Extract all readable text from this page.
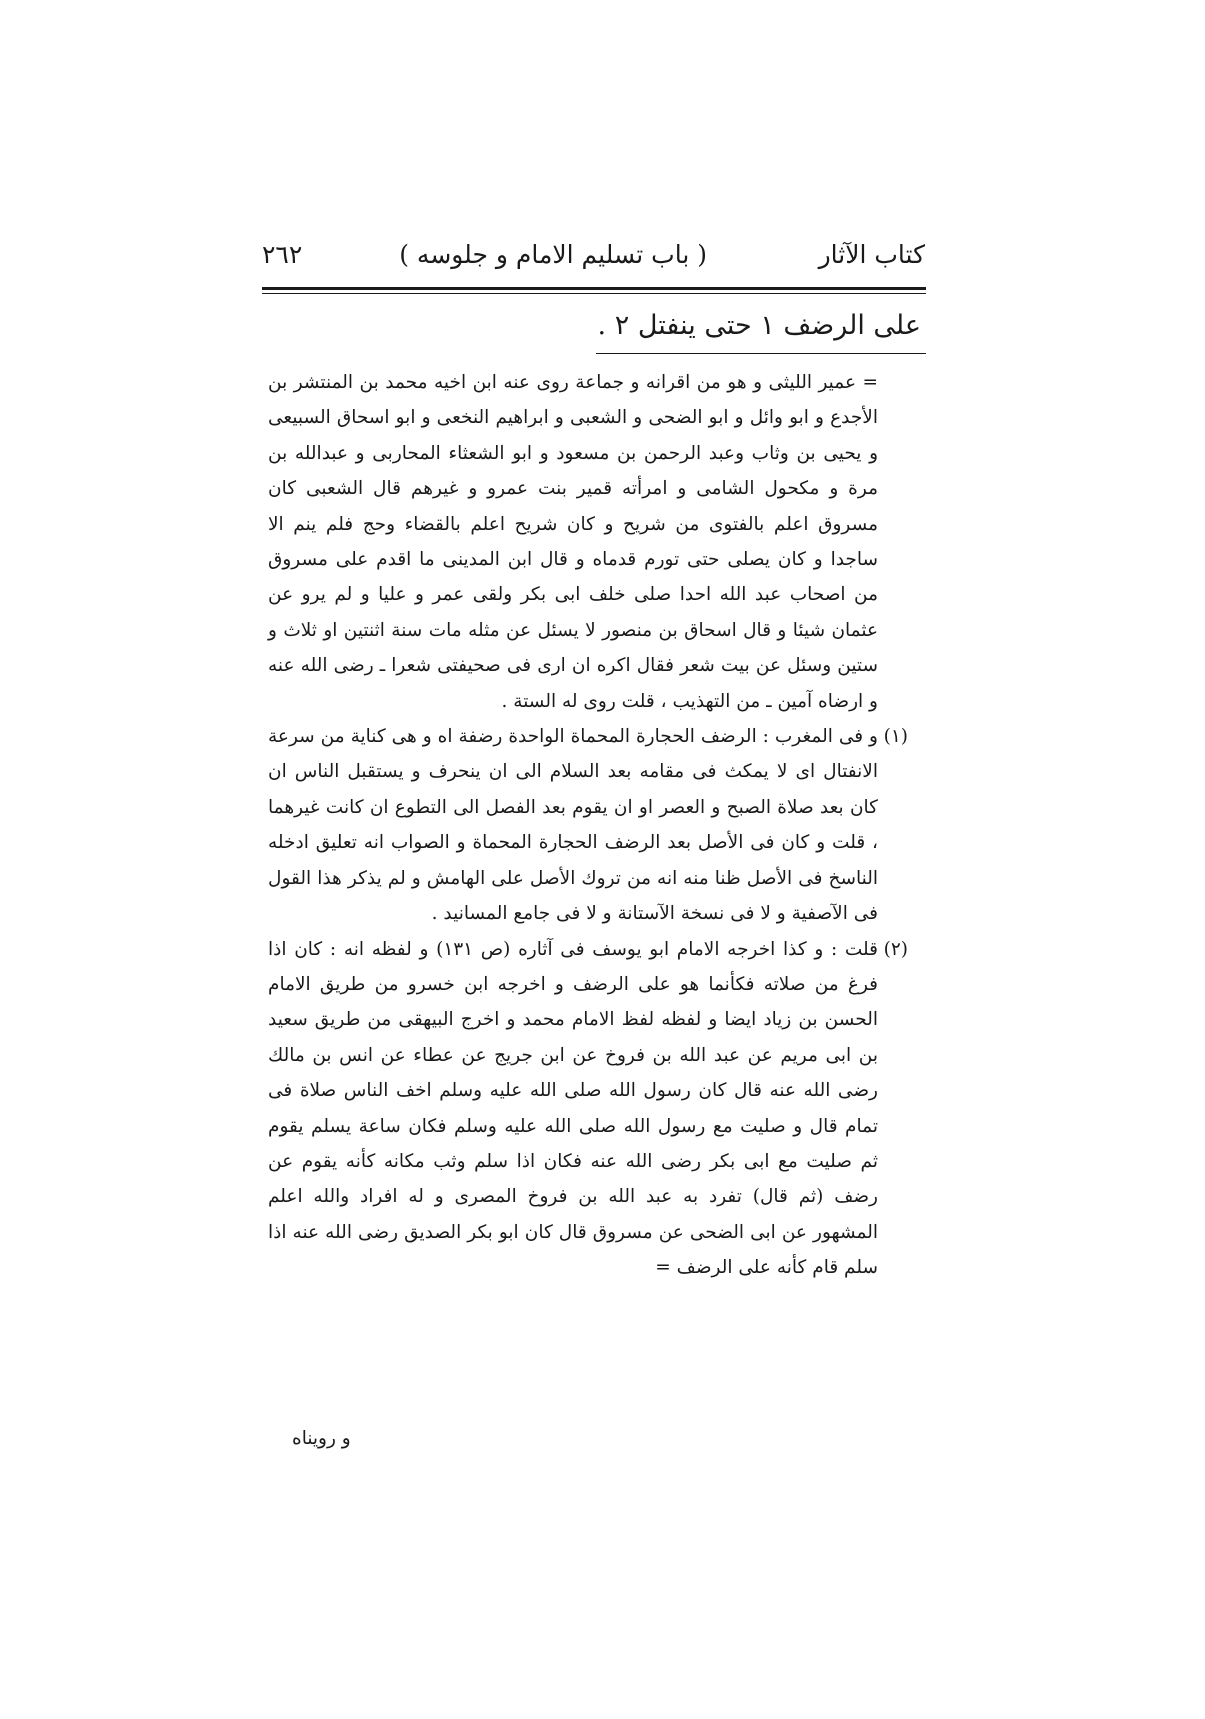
كتاب الآثار
( باب تسليم الامام و جلوسه )
٢٦٢
على الرضف ١ حتى ينفتل ٢ .

= عمير الليثى و هو من اقرانه و جماعة روى عنه ابن اخيه محمد بن المنتشر بن الأجدع و ابو وائل و ابو الضحى و الشعبى و ابراهيم النخعى و ابو اسحاق السبيعى و يحيى بن وثاب وعبد الرحمن بن مسعود و ابو الشعثاء المحاربى و عبدالله بن مرة و مكحول الشامى و امرأته قمير بنت عمرو و غيرهم قال الشعبى كان مسروق اعلم بالفتوى من شريح و كان شريح اعلم بالقضاء وحج فلم ينم الا ساجدا و كان يصلى حتى تورم قدماه و قال ابن المدينى ما اقدم على مسروق من اصحاب عبد الله احدا صلى خلف ابى بكر ولقى عمر و عليا و لم يرو عن عثمان شيئا و قال اسحاق بن منصور لا يسئل عن مثله مات سنة اثنتين او ثلاث و ستين وسئل عن بيت شعر فقال اكره ان ارى فى صحيفتى شعرا ـ رضى الله عنه و ارضاه آمين ـ من التهذيب ، قلت روى له الستة .

(١)و فى المغرب : الرضف الحجارة المحماة الواحدة رضفة اه و هى كناية من سرعة الانفتال اى لا يمكث فى مقامه بعد السلام الى ان ينحرف و يستقبل الناس ان كان بعد صلاة الصبح و العصر او ان يقوم بعد الفصل الى التطوع ان كانت غيرهما ، قلت و كان فى الأصل بعد الرضف الحجارة المحماة و الصواب انه تعليق ادخله الناسخ فى الأصل ظنا منه انه من تروك الأصل على الهامش و لم يذكر هذا القول فى الآصفية و لا فى نسخة الآستانة و لا فى جامع المسانيد .

(٢)قلت : و كذا اخرجه الامام ابو يوسف فى آثاره (ص ١٣١) و لفظه انه : كان اذا فرغ من صلاته فكأنما هو على الرضف و اخرجه ابن خسرو من طريق الامام الحسن بن زياد ايضا و لفظه لفظ الامام محمد و اخرج البيهقى من طريق سعيد بن ابى مريم عن عبد الله بن فروخ عن ابن جريج عن عطاء عن انس بن مالك رضى الله عنه قال كان رسول الله صلى الله عليه وسلم اخف الناس صلاة فى تمام قال و صليت مع رسول الله صلى الله عليه وسلم فكان ساعة يسلم يقوم ثم صليت مع ابى بكر رضى الله عنه فكان اذا سلم وثب مكانه كأنه يقوم عن رضف (ثم قال) تفرد به عبد الله بن فروخ المصرى و له افراد والله اعلم المشهور عن ابى الضحى عن مسروق قال كان ابو بكر الصديق رضى الله عنه اذا سلم قام كأنه على الرضف =

و رويناه
